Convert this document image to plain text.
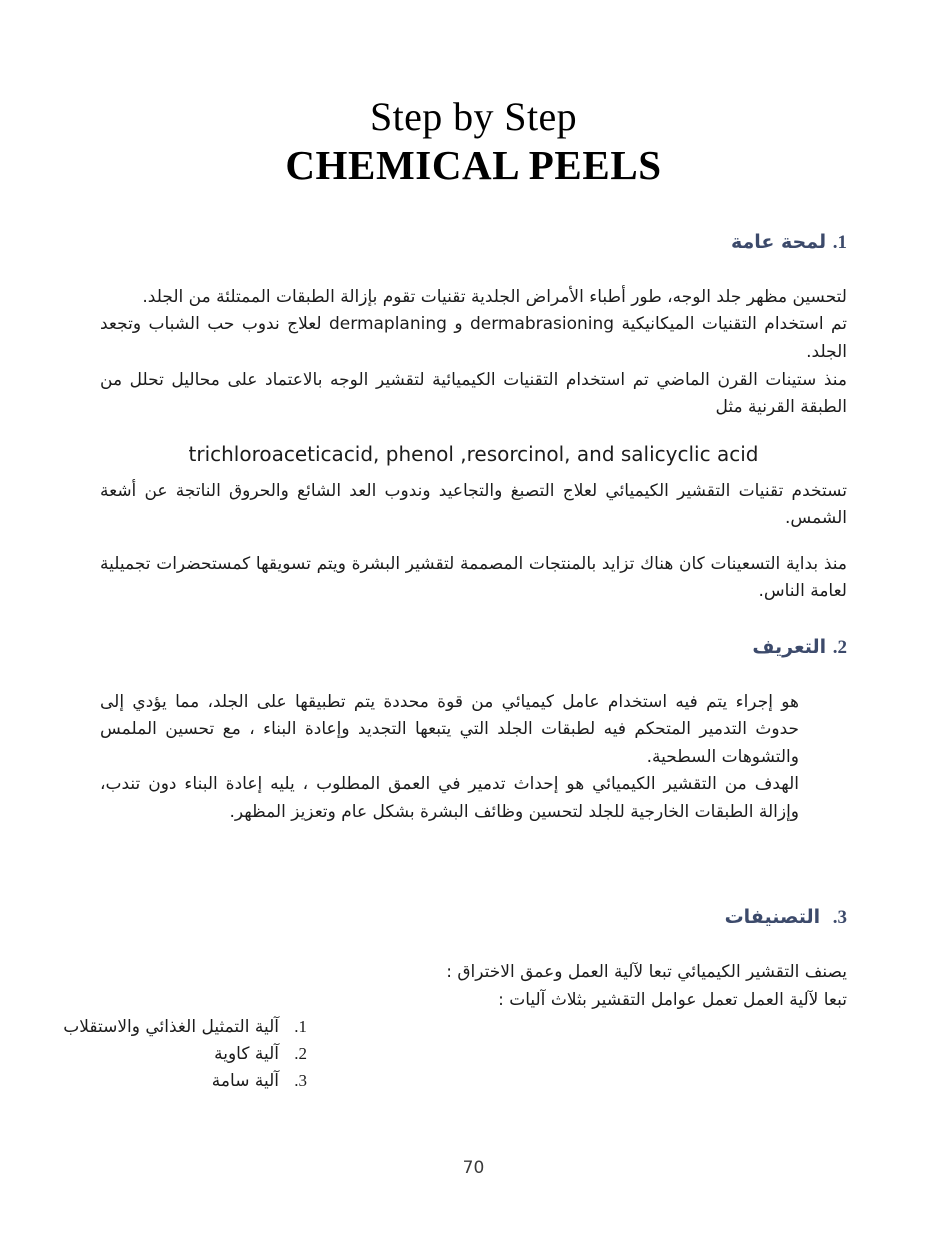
Step by Step
CHEMICAL PEELS
1. لمحة عامة
لتحسين مظهر جلد الوجه، طور أطباء الأمراض الجلدية تقنيات تقوم بإزالة الطبقات الممتلئة من الجلد.
تم استخدام التقنيات الميكانيكية dermabrasioning و dermaplaning لعلاج ندوب حب الشباب وتجعد الجلد.
منذ ستينات القرن الماضي تم استخدام التقنيات الكيميائية لتقشير الوجه بالاعتماد على محاليل تحلل من الطبقة القرنية مثل
trichloroaceticacid, phenol ,resorcinol, and salicyclic acid
تستخدم تقنيات التقشير الكيميائي لعلاج التصبغ والتجاعيد وندوب العد الشائع والحروق الناتجة عن أشعة الشمس.
منذ بداية التسعينات كان هناك تزايد بالمنتجات المصممة لتقشير البشرة ويتم تسويقها كمستحضرات تجميلية لعامة الناس.
2. التعريف
هو إجراء يتم فيه استخدام عامل كيميائي من قوة محددة يتم تطبيقها على الجلد، مما يؤدي إلى حدوث التدمير المتحكم فيه لطبقات الجلد التي يتبعها التجديد وإعادة البناء ، مع تحسين الملمس والتشوهات السطحية.
الهدف من التقشير الكيميائي هو إحداث تدمير في العمق المطلوب ، يليه إعادة البناء دون تندب، وإزالة الطبقات الخارجية للجلد لتحسين وظائف البشرة بشكل عام وتعزيز المظهر.
3. التصنيفات
يصنف التقشير الكيميائي تبعا لآلية العمل وعمق الاختراق :
تبعا لآلية العمل تعمل عوامل التقشير بثلاث آليات :
1.آلية التمثيل الغذائي والاستقلاب
2.آلية كاوية
3.آلية سامة
70
